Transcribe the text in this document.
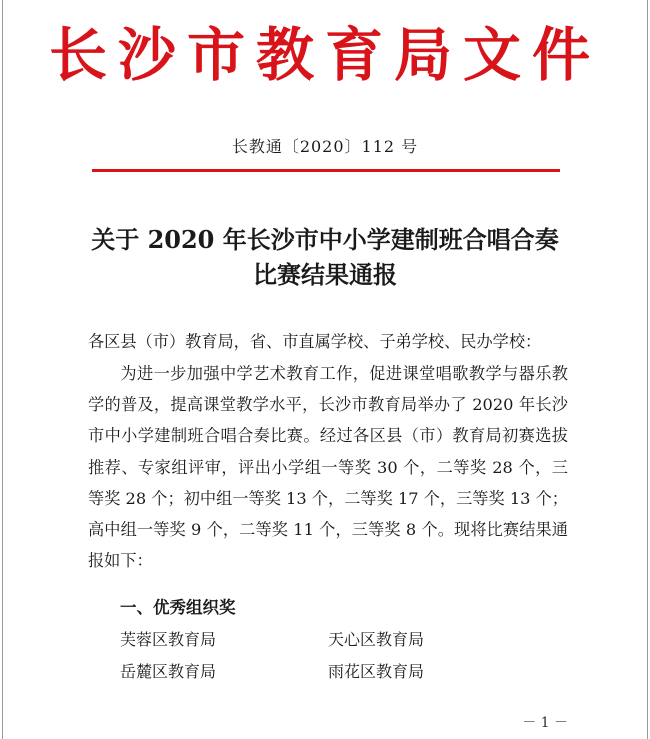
长沙市教育局文件
长教通〔2020〕112 号
关于 2020 年长沙市中小学建制班合唱合奏
比赛结果通报
各区县（市）教育局，省、市直属学校、子弟学校、民办学校：
为进一步加强中学艺术教育工作，促进课堂唱歌教学与器乐教学的普及，提高课堂教学水平，长沙市教育局举办了 2020 年长沙市中小学建制班合唱合奏比赛。经过各区县（市）教育局初赛选拔推荐、专家组评审，评出小学组一等奖 30 个，二等奖 28 个，三等奖 28 个；初中组一等奖 13 个，二等奖 17 个，三等奖 13 个；高中组一等奖 9 个，二等奖 11 个，三等奖 8 个。现将比赛结果通报如下：
一、优秀组织奖
芙蓉区教育局	天心区教育局
岳麓区教育局	雨花区教育局
－ 1 －
